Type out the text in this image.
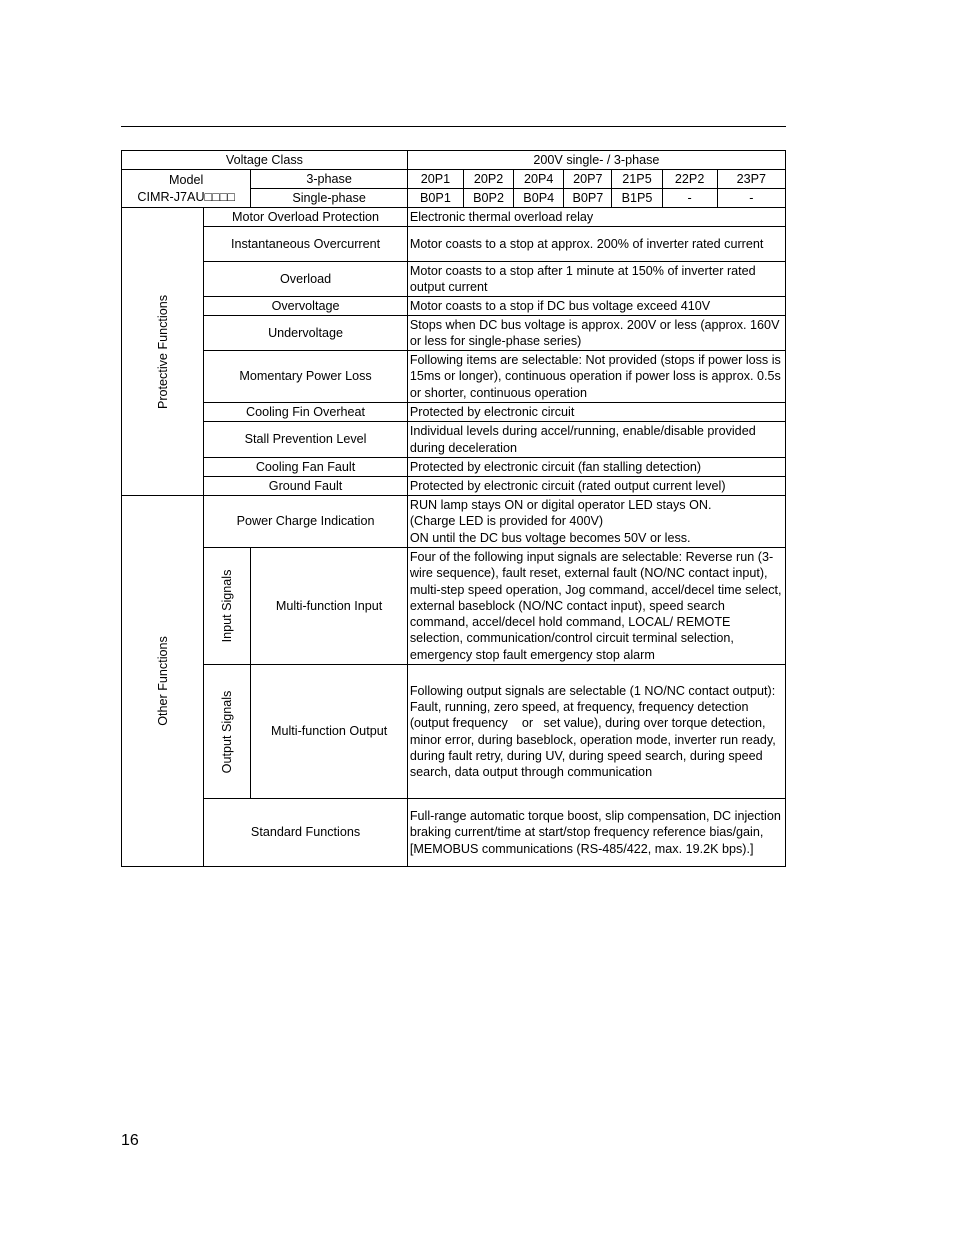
Voltage Class			200V single- / 3-phase						

Model
CIMR-J7AU□□□□		3-phase	20P1	20P2	20P4	20P7	21P5	22P2	23P7
		Single-phase	B0P1	B0P2	B0P4	B0P7	B1P5	-	-

Protective Functions	Motor Overload Protection		Electronic thermal overload relay						
	Instantaneous Overcurrent		Motor coasts to a stop at approx. 200% of inverter rated current						
	Overload		Motor coasts to a stop after 1 minute at 150% of inverter rated output current						
	Overvoltage		Motor coasts to a stop if DC bus voltage exceed 410V						
	Undervoltage		Stops when DC bus voltage is approx. 200V or less (approx. 160V or less for single-phase series)						
	Momentary Power Loss		Following items are selectable: Not provided (stops if power loss is 15ms or longer), continuous operation if power loss is approx. 0.5s or shorter, continuous operation						
	Cooling Fin Overheat		Protected by electronic circuit						
	Stall Prevention Level		Individual levels during accel/running, enable/disable provided during deceleration						
	Cooling Fan Fault		Protected by electronic circuit (fan stalling detection)						
	Ground Fault		Protected by electronic circuit (rated output current level)						

Other Functions	Power Charge Indication		RUN lamp stays ON or digital operator LED stays ON.
(Charge LED is provided for 400V)
ON until the DC bus voltage becomes 50V or less.						

	Input Signals	Multi-function Input	Four of the following input signals are selectable: Reverse run (3-wire sequence), fault reset, external fault (NO/NC contact input), multi-step speed operation, Jog command, accel/decel time select, external baseblock (NO/NC contact input), speed search command, accel/decel hold command, LOCAL/ REMOTE selection, communication/control circuit terminal selection, emergency stop fault emergency stop alarm						

	Output Signals	Multi-function Output	Following output signals are selectable (1 NO/NC contact output):
Fault, running, zero speed, at frequency, frequency detection (output frequency    or   set value), during over torque detection, minor error, during baseblock, operation mode, inverter run ready, during fault retry, during UV, during speed search, during speed search, data output through communication						

	Standard Functions		Full-range automatic torque boost, slip compensation, DC injection braking current/time at start/stop frequency reference bias/gain, [MEMOBUS communications (RS-485/422, max. 19.2K bps).]						
16
